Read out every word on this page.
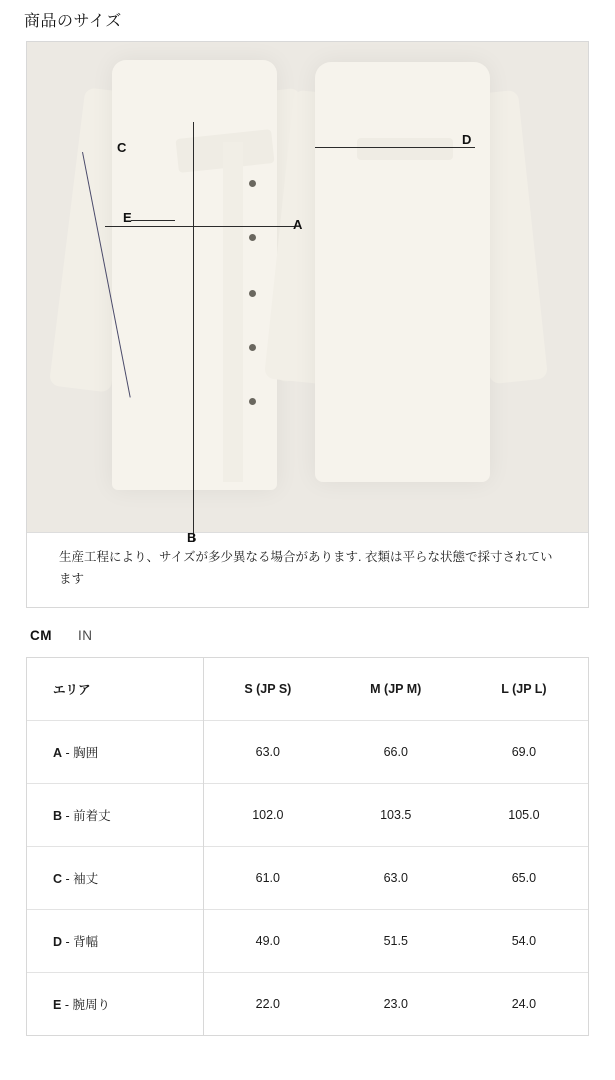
商品のサイズ
A
B
C
E
D
生産工程により、サイズが多少異なる場合があります. 衣類は平らな状態で採寸されています
CM IN
エリア	S (JP S)	M (JP M)	L (JP L)
A - 胸囲	63.0	66.0	69.0
B - 前着丈	102.0	103.5	105.0
C - 袖丈	61.0	63.0	65.0
D - 背幅	49.0	51.5	54.0
E - 腕周り	22.0	23.0	24.0
